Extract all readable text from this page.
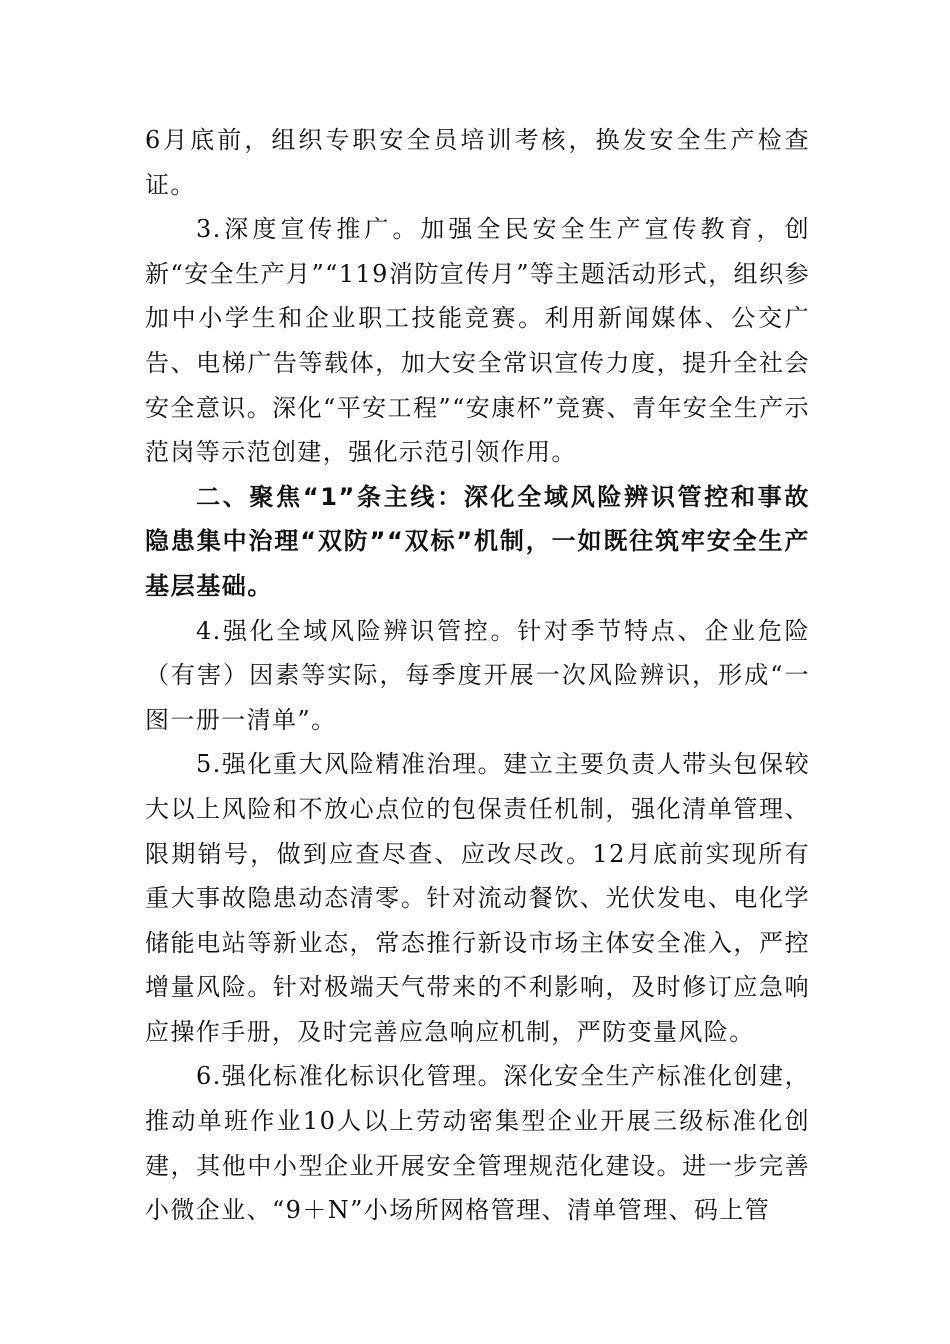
6月底前，组织专职安全员培训考核，换发安全生产检查证。

3.深度宣传推广。加强全民安全生产宣传教育，创新“安全生产月”“119消防宣传月”等主题活动形式，组织参加中小学生和企业职工技能竞赛。利用新闻媒体、公交广告、电梯广告等载体，加大安全常识宣传力度，提升全社会安全意识。深化“平安工程”“安康杯”竞赛、青年安全生产示范岗等示范创建，强化示范引领作用。

二、聚焦“1”条主线：深化全域风险辨识管控和事故隐患集中治理“双防”“双标”机制，一如既往筑牢安全生产基层基础。

4.强化全域风险辨识管控。针对季节特点、企业危险（有害）因素等实际，每季度开展一次风险辨识，形成“一图一册一清单”。

5.强化重大风险精准治理。建立主要负责人带头包保较大以上风险和不放心点位的包保责任机制，强化清单管理、限期销号，做到应查尽查、应改尽改。12月底前实现所有重大事故隐患动态清零。针对流动餐饮、光伏发电、电化学储能电站等新业态，常态推行新设市场主体安全准入，严控增量风险。针对极端天气带来的不利影响，及时修订应急响应操作手册，及时完善应急响应机制，严防变量风险。

6.强化标准化标识化管理。深化安全生产标准化创建，推动单班作业10人以上劳动密集型企业开展三级标准化创建，其他中小型企业开展安全管理规范化建设。进一步完善小微企业、“9＋N”小场所网格管理、清单管理、码上管
